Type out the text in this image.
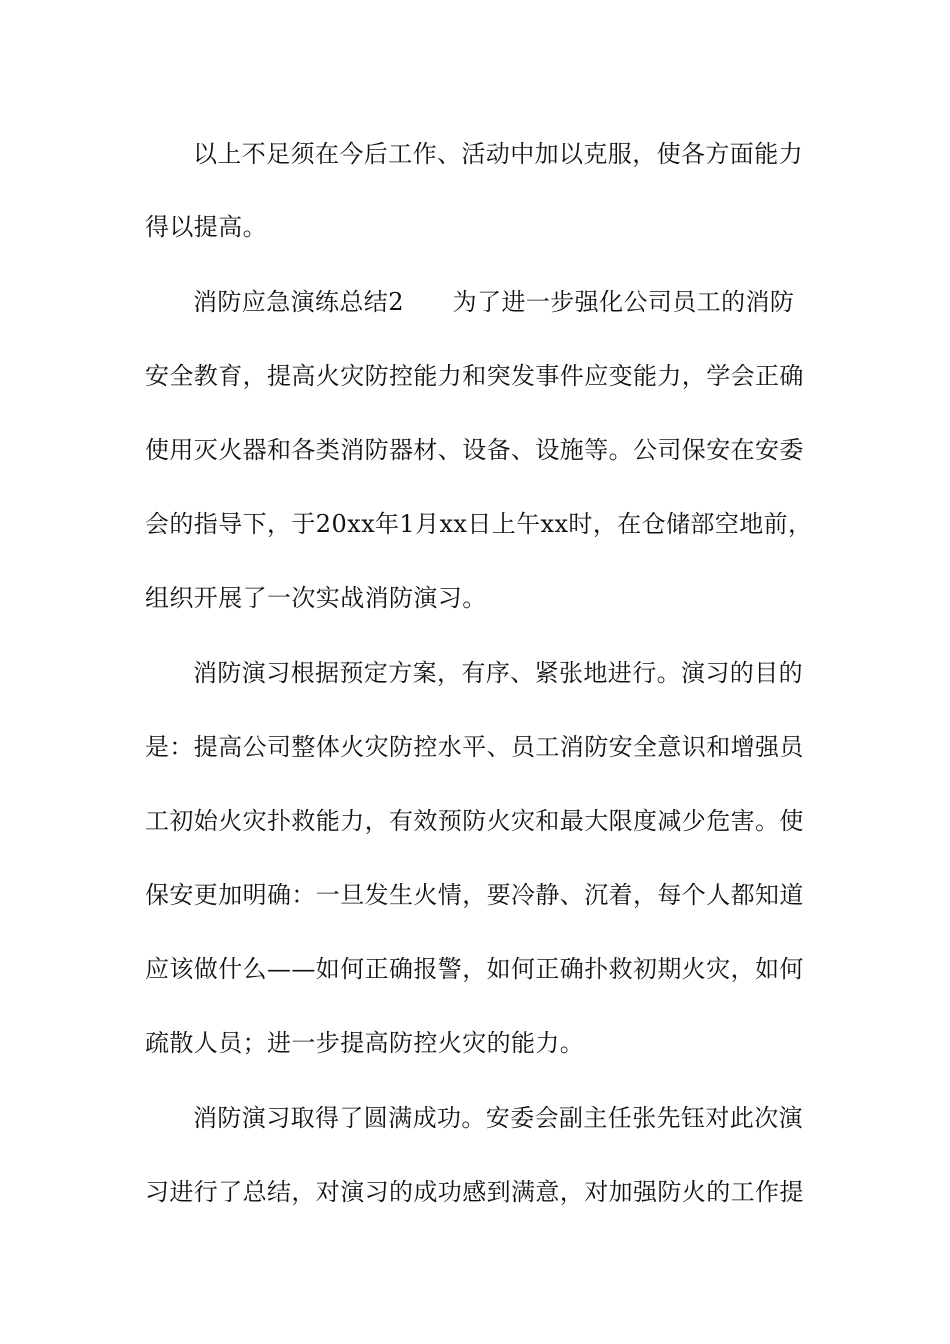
以上不足须在今后工作、活动中加以克服，使各方面能力
得以提高。
消防应急演练总结2　　为了进一步强化公司员工的消防
安全教育，提高火灾防控能力和突发事件应变能力，学会正确
使用灭火器和各类消防器材、设备、设施等。公司保安在安委
会的指导下，于20xx年1月xx日上午xx时，在仓储部空地前，
组织开展了一次实战消防演习。
消防演习根据预定方案，有序、紧张地进行。演习的目的
是：提高公司整体火灾防控水平、员工消防安全意识和增强员
工初始火灾扑救能力，有效预防火灾和最大限度减少危害。使
保安更加明确：一旦发生火情，要冷静、沉着，每个人都知道
应该做什么——如何正确报警，如何正确扑救初期火灾，如何
疏散人员；进一步提高防控火灾的能力。
消防演习取得了圆满成功。安委会副主任张先钰对此次演
习进行了总结，对演习的成功感到满意，对加强防火的工作提
